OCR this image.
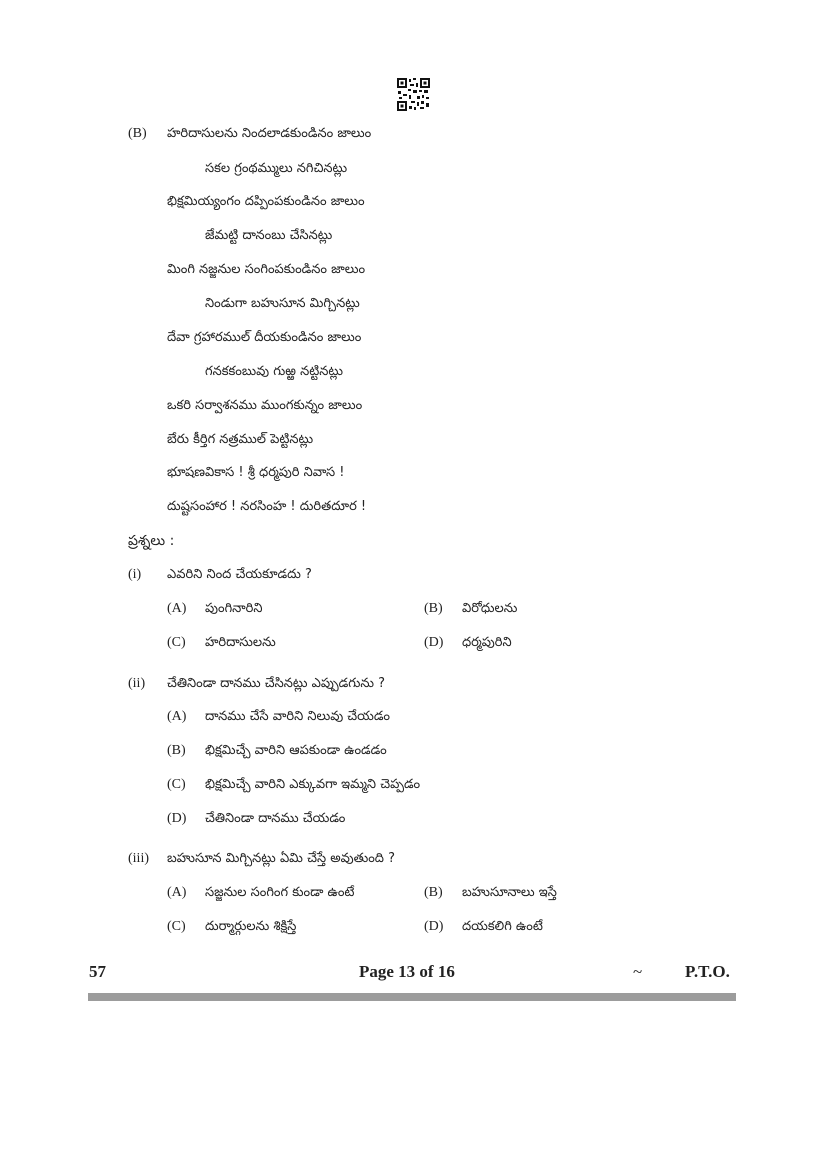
(B) హరిదాసులను నిందలాడకుండినం జాలుం
సకల గ్రంథమ్ములు నగిచినట్లు
భిక్షమియ్యంగం దప్పింపకుండినం జాలుం
జేమట్టి దానంబు చేసినట్లు
మింగి నజ్జనుల సంగింపకుండినం జాలుం
నిండుగా బహుసూన మిగ్చినట్లు
దేవా గ్రహారముల్ దీయకుండినం జాలుం
గనకకంబువు గుఱ్ఱ నట్టినట్లు
ఒకరి సర్వాశనము ముంగకున్నం జాలుం
బేరు కీర్తిగ నత్రముల్ పెట్టినట్లు
భూషణవికాస ! శ్రీ ధర్మపురి నివాస !
దుష్టసంహార ! నరసింహ ! దురితదూర !
ప్రశ్నలు :
(i) ఎవరిని నింద చేయకూడదు ?
(A) పుంగినారిని	(B) విరోధులను
(C) హరిదాసులను	(D) ధర్మపురిని
(ii) చేతినిండా దానము చేసినట్లు ఎప్పుడగును ?
(A) దానము చేసే వారిని నిలువు చేయడం
(B) భిక్షమిచ్చే వారిని ఆపకుండా ఉండడం
(C) భిక్షమిచ్చే వారిని ఎక్కువగా ఇమ్మని చెప్పడం
(D) చేతినిండా దానము చేయడం
(iii) బహుసూన మిగ్చినట్లు ఏమి చేస్తే అవుతుంది ?
(A) సజ్జనుల సంగింగ కుండా ఉంటే	(B) బహుసూనాలు ఇస్తే
(C) దుర్మార్గులను శిక్షిస్తే	(D) దయకలిగి ఉంటే
57	Page 13 of 16	~	P.T.O.
